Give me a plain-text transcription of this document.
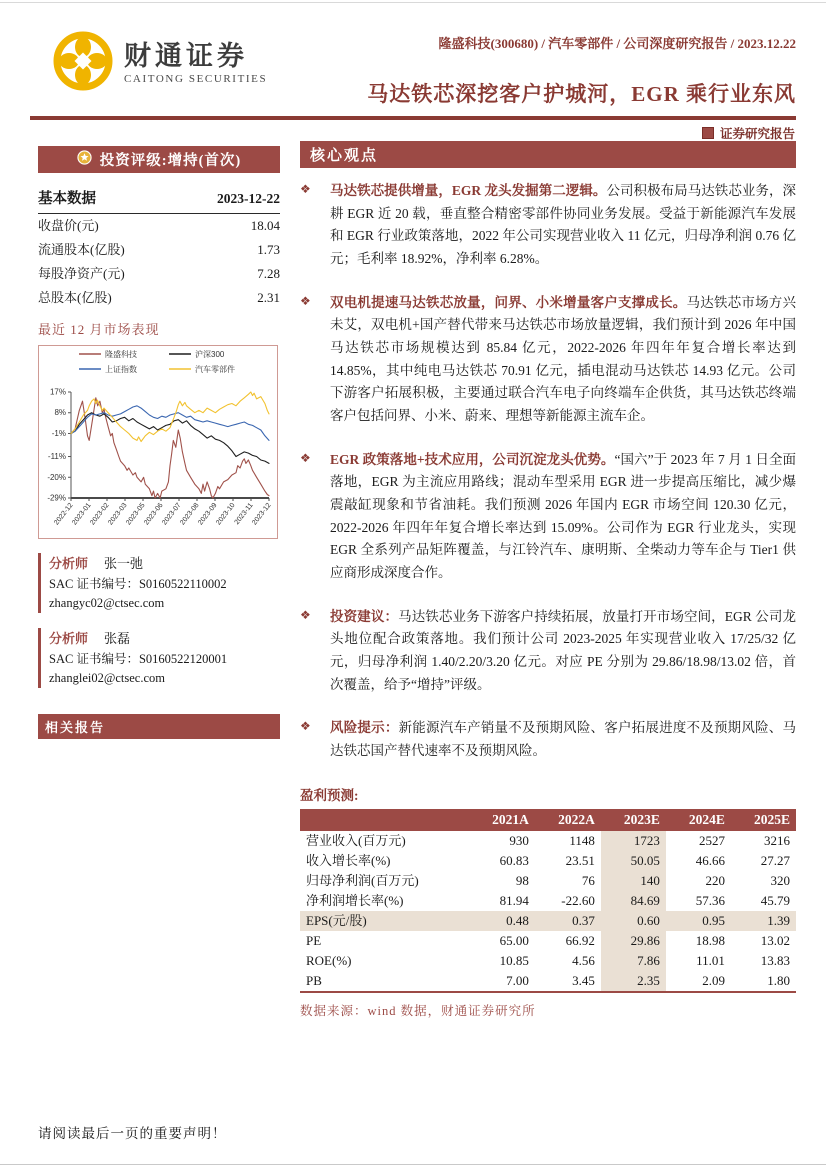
财通证券
CAITONG SECURITIES
隆盛科技(300680) / 汽车零部件 / 公司深度研究报告 / 2023.12.22
马达铁芯深挖客户护城河，EGR 乘行业东风
证券研究报告
投资评级:增持(首次)
基本数据	2023-12-22
收盘价(元)	18.04
流通股本(亿股)	1.73
每股净资产(元)	7.28
总股本(亿股)	2.31
最近 12 月市场表现
隆盛科技	沪深300
上证指数	汽车零部件
17%
8%
-1%
-11%
-20%
-29%
2022-12
2023-01
2023-02
2023-03
2023-05
2023-06
2023-07
2023-08
2023-09
2023-10
2023-11
2023-12
分析师 张一弛
SAC 证书编号：S0160522110002
zhangyc02@ctsec.com
分析师 张磊
SAC 证书编号：S0160522120001
zhanglei02@ctsec.com
相关报告
核心观点
❖	马达铁芯提供增量，EGR 龙头发掘第二逻辑。公司积极布局马达铁芯业务，深耕 EGR 近 20 载，垂直整合精密零部件协同业务发展。受益于新能源汽车发展和 EGR 行业政策落地，2022 年公司实现营业收入 11 亿元，归母净利润 0.76 亿元；毛利率 18.92%，净利率 6.28%。
❖	双电机提速马达铁芯放量，问界、小米增量客户支撑成长。马达铁芯市场方兴未艾，双电机+国产替代带来马达铁芯市场放量逻辑，我们预计到 2026 年中国马达铁芯市场规模达到 85.84 亿元，2022-2026 年四年年复合增长率达到 14.85%，其中纯电马达铁芯 70.91 亿元，插电混动马达铁芯 14.93 亿元。公司下游客户拓展积极，主要通过联合汽车电子向终端车企供货，其马达铁芯终端客户包括问界、小米、蔚来、理想等新能源主流车企。
❖	EGR 政策落地+技术应用，公司沉淀龙头优势。“国六”于 2023 年 7 月 1 日全面落地，EGR 为主流应用路线；混动车型采用 EGR 进一步提高压缩比，减少爆震敲缸现象和节省油耗。我们预测 2026 年国内 EGR 市场空间 120.30 亿元，2022-2026 年四年年复合增长率达到 15.09%。公司作为 EGR 行业龙头，实现 EGR 全系列产品矩阵覆盖，与江铃汽车、康明斯、全柴动力等车企与 Tier1 供应商形成深度合作。
❖	投资建议：马达铁芯业务下游客户持续拓展，放量打开市场空间，EGR 公司龙头地位配合政策落地。我们预计公司 2023-2025 年实现营业收入 17/25/32 亿元，归母净利润 1.40/2.20/3.20 亿元。对应 PE 分别为 29.86/18.98/13.02 倍，首次覆盖，给予“增持”评级。
❖	风险提示：新能源汽车产销量不及预期风险、客户拓展进度不及预期风险、马达铁芯国产替代速率不及预期风险。
盈利预测:
	2021A	2022A	2023E	2024E	2025E
营业收入(百万元)	930	1148	1723	2527	3216
收入增长率(%)	60.83	23.51	50.05	46.66	27.27
归母净利润(百万元)	98	76	140	220	320
净利润增长率(%)	81.94	-22.60	84.69	57.36	45.79
EPS(元/股)	0.48	0.37	0.60	0.95	1.39
PE	65.00	66.92	29.86	18.98	13.02
ROE(%)	10.85	4.56	7.86	11.01	13.83
PB	7.00	3.45	2.35	2.09	1.80
数据来源：wind 数据，财通证券研究所
请阅读最后一页的重要声明！
